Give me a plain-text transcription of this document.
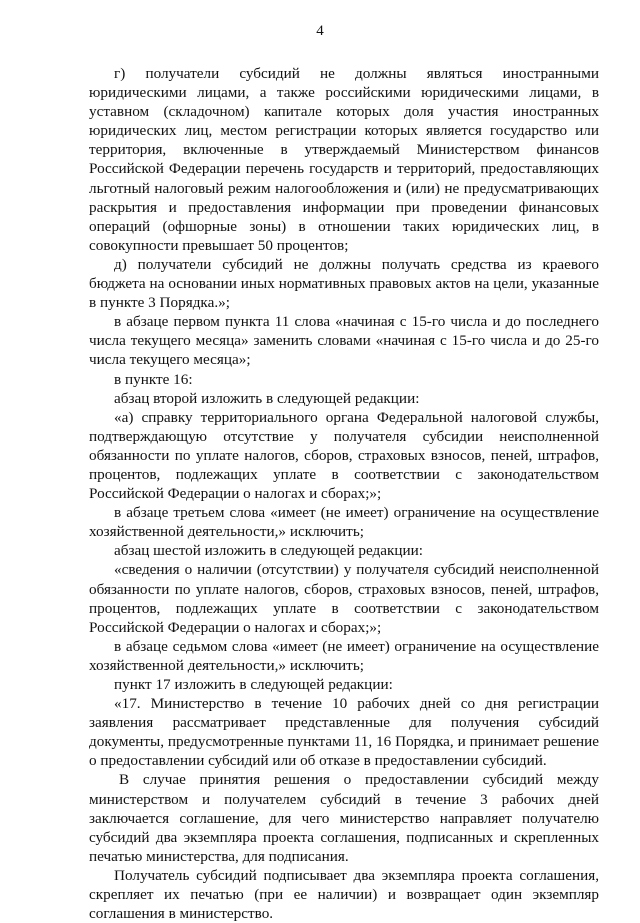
4

г) получатели субсидий не должны являться иностранными юридическими лицами, а также российскими юридическими лицами, в уставном (складочном) капитале которых доля участия иностранных юридических лиц, местом регистрации которых является государство или территория, включенные в утверждаемый Министерством финансов Российской Федерации перечень государств и территорий, предоставляющих льготный налоговый режим налогообложения и (или) не предусматривающих раскрытия и предоставления информации при проведении финансовых операций (офшорные зоны) в отношении таких юридических лиц, в совокупности превышает 50 процентов;

д) получатели субсидий не должны получать средства из краевого бюджета на основании иных нормативных правовых актов на цели, указанные в пункте 3 Порядка.»;

в абзаце первом пункта 11 слова «начиная с 15-го числа и до последнего числа текущего месяца» заменить словами «начиная с 15-го числа и до 25-го числа текущего месяца»;

в пункте 16:

абзац второй изложить в следующей редакции:

«а) справку территориального органа Федеральной налоговой службы, подтверждающую отсутствие у получателя субсидии неисполненной обязанности по уплате налогов, сборов, страховых взносов, пеней, штрафов, процентов, подлежащих уплате в соответствии с законодательством Российской Федерации о налогах и сборах;»;

в абзаце третьем слова «имеет (не имеет) ограничение на осуществление хозяйственной деятельности,» исключить;

абзац шестой изложить в следующей редакции:

«сведения о наличии (отсутствии) у получателя субсидий неисполненной обязанности по уплате налогов, сборов, страховых взносов, пеней, штрафов, процентов, подлежащих уплате в соответствии с законодательством Российской Федерации о налогах и сборах;»;

в абзаце седьмом слова «имеет (не имеет) ограничение на осуществление хозяйственной деятельности,» исключить;

пункт 17 изложить в следующей редакции:

«17. Министерство в течение 10 рабочих дней со дня регистрации заявления рассматривает представленные для получения субсидий документы, предусмотренные пунктами 11, 16 Порядка, и принимает решение о предоставлении субсидий или об отказе в предоставлении субсидий.

В случае принятия решения о предоставлении субсидий между министерством и получателем субсидий в течение 3 рабочих дней заключается соглашение, для чего министерство направляет получателю субсидий два экземпляра проекта соглашения, подписанных и скрепленных печатью министерства, для подписания.

Получатель субсидий подписывает два экземпляра проекта соглашения, скрепляет их печатью (при ее наличии) и возвращает один экземпляр соглашения в министерство.
